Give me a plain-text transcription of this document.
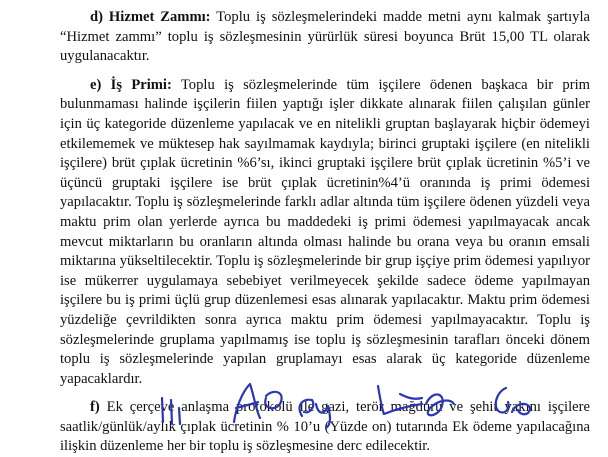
d) Hizmet Zammı: Toplu iş sözleşmelerindeki madde metni aynı kalmak şartıyla “Hizmet zammı” toplu iş sözleşmesinin yürürlük süresi boyunca Brüt 15,00 TL olarak uygulanacaktır.

e) İş Primi: Toplu iş sözleşmelerinde tüm işçilere ödenen başkaca bir prim bulunmaması halinde işçilerin fiilen yaptığı işler dikkate alınarak fiilen çalışılan günler için üç kategoride düzenleme yapılacak ve en nitelikli gruptan başlayarak hiçbir ödemeyi etkilememek ve müktesep hak sayılmamak kaydıyla; birinci gruptaki işçilere (en nitelikli işçilere) brüt çıplak ücretinin %6’sı, ikinci gruptaki işçilere brüt çıplak ücretinin %5’i ve üçüncü gruptaki işçilere ise brüt çıplak ücretinin%4’ü oranında iş primi ödemesi yapılacaktır. Toplu iş sözleşmelerinde farklı adlar altında tüm işçilere ödenen yüzdeli veya maktu prim olan yerlerde ayrıca bu maddedeki iş primi ödemesi yapılmayacak ancak mevcut miktarların bu oranların altında olması halinde bu orana veya bu oranın emsali miktarına yükseltilecektir. Toplu iş sözleşmelerinde bir grup işçiye prim ödemesi yapılıyor ise mükerrer uygulamaya sebebiyet verilmeyecek şekilde sadece ödeme yapılmayan işçilere bu iş primi üçlü grup düzenlemesi esas alınarak yapılacaktır. Maktu prim ödemesi yüzdeliğe çevrildikten sonra ayrıca maktu prim ödemesi yapılmayacaktır. Toplu iş sözleşmelerinde gruplama yapılmamış ise toplu iş sözleşmesinin tarafları önceki dönem toplu iş sözleşmelerinde yapılan gruplamayı esas alarak üç kategoride düzenleme yapacaklardır.

f) Ek çerçeve anlaşma protokolü ile gazi, terör mağduru ve şehit yakını işçilere saatlik/günlük/aylık çıplak ücretinin % 10’u (Yüzde on) tutarında Ek ödeme yapılacağına ilişkin düzenleme her bir toplu iş sözleşmesine derc edilecektir.
